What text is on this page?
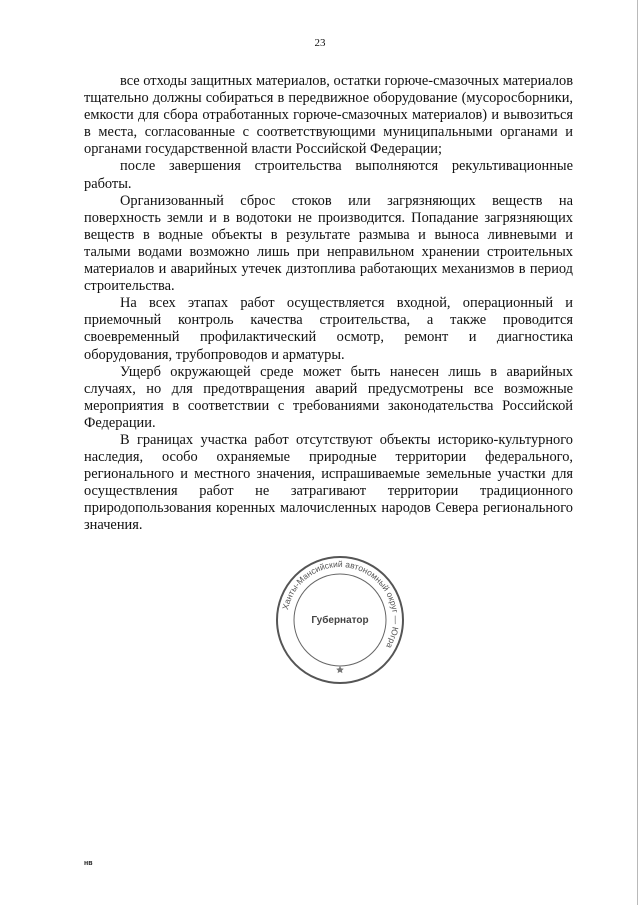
23

все отходы защитных материалов, остатки горюче-смазочных материалов тщательно должны собираться в передвижное оборудование (мусоросборники, емкости для сбора отработанных горюче-смазочных материалов) и вывозиться в места, согласованные с соответствующими муниципальными органами и органами государственной власти Российской Федерации;

после завершения строительства выполняются рекультивационные работы.

Организованный сброс стоков или загрязняющих веществ на поверхность земли и в водотоки не производится. Попадание загрязняющих веществ в водные объекты в результате размыва и выноса ливневыми и талыми водами возможно лишь при неправильном хранении строительных материалов и аварийных утечек дизтоплива работающих механизмов в период строительства.

На всех этапах работ осуществляется входной, операционный и приемочный контроль качества строительства, а также проводится своевременный профилактический осмотр, ремонт и диагностика оборудования, трубопроводов и арматуры.

Ущерб окружающей среде может быть нанесен лишь в аварийных случаях, но для предотвращения аварий предусмотрены все возможные мероприятия в соответствии с требованиями законодательства Российской Федерации.

В границах участка работ отсутствуют объекты историко-культурного наследия, особо охраняемые природные территории федерального, регионального и местного значения, испрашиваемые земельные участки для осуществления работ не затрагивают территории традиционного природопользования коренных малочисленных народов Севера регионального значения.

Ханты-Мансийский автономный округ — Югра
Губернатор
нв
